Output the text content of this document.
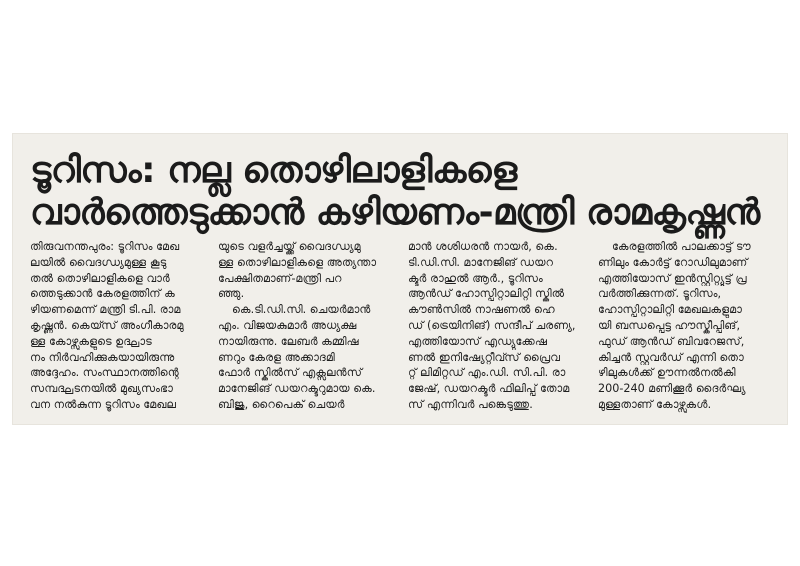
ടൂറിസം: നല്ല തൊഴിലാളികളെ
വാർത്തെടുക്കാൻ കഴിയണം-മന്ത്രി രാമകൃഷ്ണൻ

തിരുവനന്തപുരം: ടൂറിസം മേഖ

ലയിൽ വൈദഗ്ധ്യമുള്ള കൂടു

തൽ തൊഴിലാളികളെ വാർ

ത്തെടുക്കാൻ കേരളത്തിന് ക

ഴിയണമെന്ന് മന്ത്രി ടി.പി. രാമ

കൃഷ്ണൻ. കെയ്സ് അംഗീകാരമു

ള്ള കോഴ്സുകളുടെ ഉദ്ഘാട

നം നിർവഹിക്കുകയായിരുന്നു

അദ്ദേഹം. സംസ്ഥാനത്തിന്റെ

സമ്പദ്ഘടനയിൽ മുഖ്യസംഭാ

വന നൽകുന്ന ടൂറിസം മേഖല

യുടെ വളർച്ചയ്ക്ക് വൈദഗ്ധ്യമു

ള്ള തൊഴിലാളികളെ അത്യന്താ

പേക്ഷിതമാണ്-മന്ത്രി പറ

ഞ്ഞു.

കെ.ടി.ഡി.സി. ചെയർമാൻ

എം. വിജയകുമാർ അധ്യക്ഷ

നായിരുന്നു. ലേബർ കമ്മിഷ

ണറും കേരള അക്കാദമി

ഫോർ സ്കിൽസ് എക്സലൻസ്

മാനേജിങ് ഡയറക്ടറുമായ കെ.

ബിജു, റൈപെക് ചെയർ

മാൻ ശശിധരൻ നായർ, കെ.

ടി.ഡി.സി. മാനേജിങ് ഡയറ

ക്ടർ രാഹുൽ ആർ., ടൂറിസം

ആൻഡ് ഹോസ്പിറ്റാലിറ്റി സ്കിൽ

കൗൺസിൽ നാഷണൽ ഹെ

ഡ് (ട്രെയിനിങ്) സന്ദീപ് ചരണ്യ,

എത്തിയോസ് എഡ്യുക്കേഷ

ണൽ ഇനിഷ്യേറ്റീവ്സ് പ്രൈവ

റ്റ് ലിമിറ്റഡ് എം.ഡി. സി.പി. രാ

ജേഷ്, ഡയറക്ടർ ഫിലിപ്പ് തോമ

സ് എന്നിവർ പങ്കെടുത്തു.

കേരളത്തിൽ പാലക്കാട്ട് ടൗ

ണിലും കോർട്ട് റോഡിലുമാണ്

എത്തിയോസ് ഇൻസ്റ്റിറ്റ്യൂട്ട് പ്ര

വർത്തിക്കുന്നത്. ടൂറിസം,

ഹോസ്പിറ്റാലിറ്റി മേഖലകളുമാ

യി ബന്ധപ്പെട്ട ഹൗസ്കീപ്പിങ്,

ഫുഡ് ആൻഡ് ബിവറേജസ്,

കിച്ചൻ സ്റ്റുവർഡ് എന്നി തൊ

ഴിലുകൾക്ക് ഊന്നൽനൽകി

200-240 മണിക്കൂർ ദൈർഘ്യ

മുള്ളതാണ് കോഴ്സുകൾ.
